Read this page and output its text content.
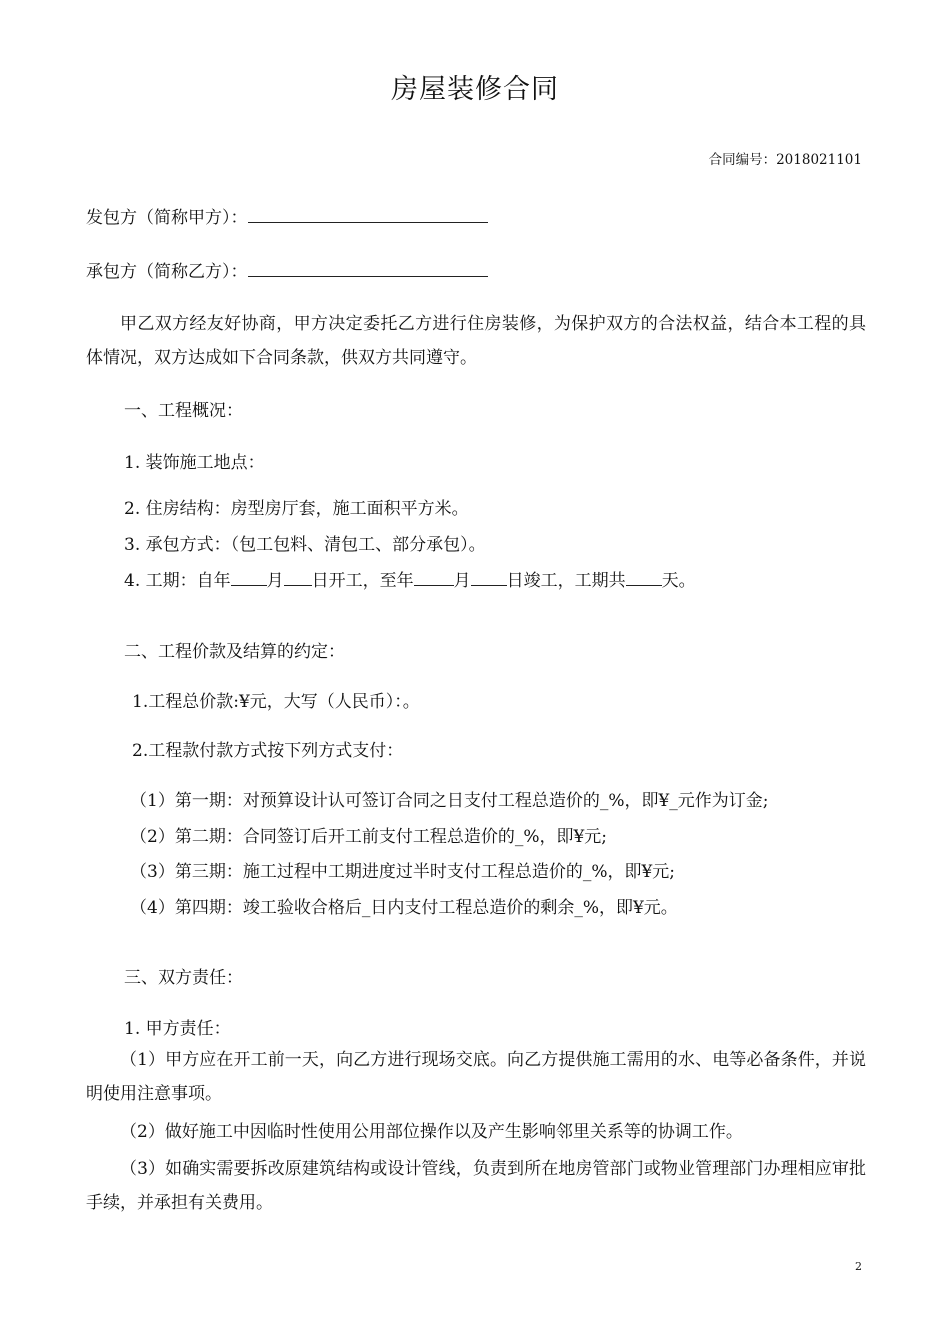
房屋装修合同
合同编号：2018021101
发包方（简称甲方）：
承包方（简称乙方）：
甲乙双方经友好协商，甲方决定委托乙方进行住房装修，为保护双方的合法权益，结合本工程的具体情况，双方达成如下合同条款，供双方共同遵守。
一、工程概况：
1. 装饰施工地点：
2. 住房结构：房型房厅套，施工面积平方米。
3. 承包方式：（包工包料、清包工、部分承包）。
4. 工期：自年 月 日开工，至年 月 日竣工，工期共 天。
二、工程价款及结算的约定：
1.工程总价款:¥元，大写（人民币）：。
2.工程款付款方式按下列方式支付：
（1）第一期：对预算设计认可签订合同之日支付工程总造价的_%，即¥_元作为订金;
（2）第二期：合同签订后开工前支付工程总造价的_%，即¥元;
（3）第三期：施工过程中工期进度过半时支付工程总造价的_%，即¥元;
（4）第四期：竣工验收合格后_日内支付工程总造价的剩余_%，即¥元。
三、双方责任：
1. 甲方责任：
（1）甲方应在开工前一天，向乙方进行现场交底。向乙方提供施工需用的水、电等必备条件，并说明使用注意事项。
（2）做好施工中因临时性使用公用部位操作以及产生影响邻里关系等的协调工作。
（3）如确实需要拆改原建筑结构或设计管线，负责到所在地房管部门或物业管理部门办理相应审批手续，并承担有关费用。
2
